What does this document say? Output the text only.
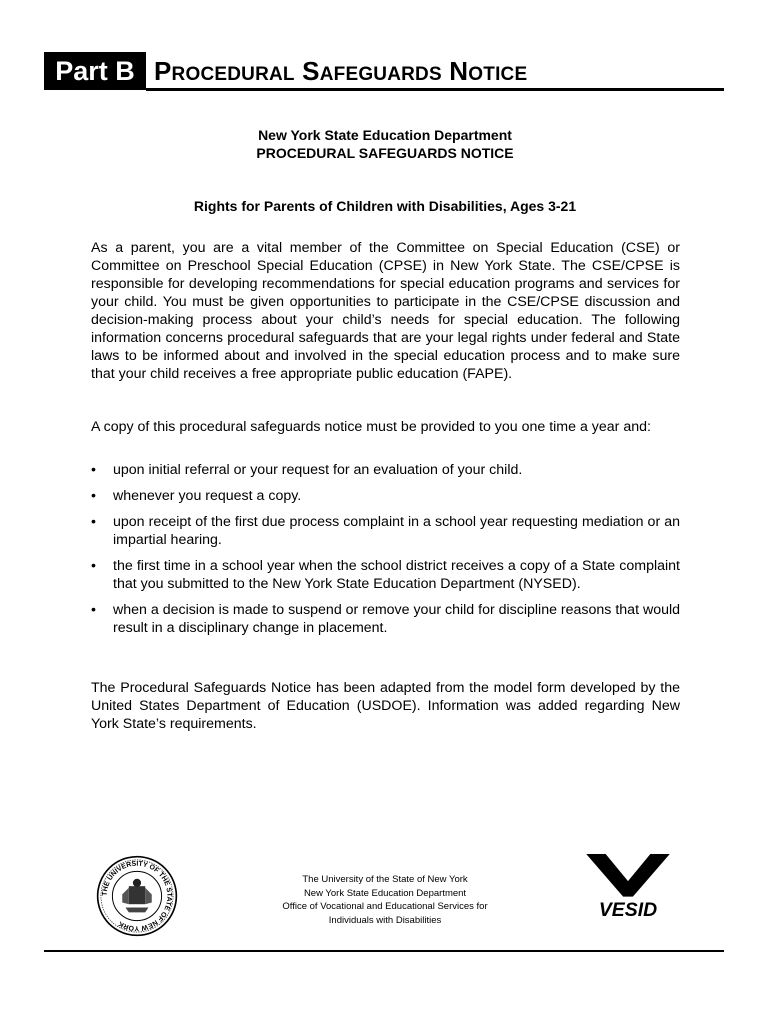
Part B PROCEDURAL SAFEGUARDS NOTICE
New York State Education Department
PROCEDURAL SAFEGUARDS NOTICE
Rights for Parents of Children with Disabilities, Ages 3-21
As a parent, you are a vital member of the Committee on Special Education (CSE) or Committee on Preschool Special Education (CPSE) in New York State. The CSE/CPSE is responsible for developing recommendations for special education programs and services for your child. You must be given opportunities to participate in the CSE/CPSE discussion and decision-making process about your child’s needs for special education. The following information concerns procedural safeguards that are your legal rights under federal and State laws to be informed about and involved in the special education process and to make sure that your child receives a free appropriate public education (FAPE).
A copy of this procedural safeguards notice must be provided to you one time a year and:
• upon initial referral or your request for an evaluation of your child.
• whenever you request a copy.
• upon receipt of the first due process complaint in a school year requesting mediation or an impartial hearing.
• the first time in a school year when the school district receives a copy of a State complaint that you submitted to the New York State Education Department (NYSED).
• when a decision is made to suspend or remove your child for discipline reasons that would result in a disciplinary change in placement.
The Procedural Safeguards Notice has been adapted from the model form developed by the United States Department of Education (USDOE). Information was added regarding New York State’s requirements.
THE UNIVERSITY OF THE STATE OF NEW YORK
The University of the State of New York
New York State Education Department
Office of Vocational and Educational Services for
Individuals with Disabilities	VESID
